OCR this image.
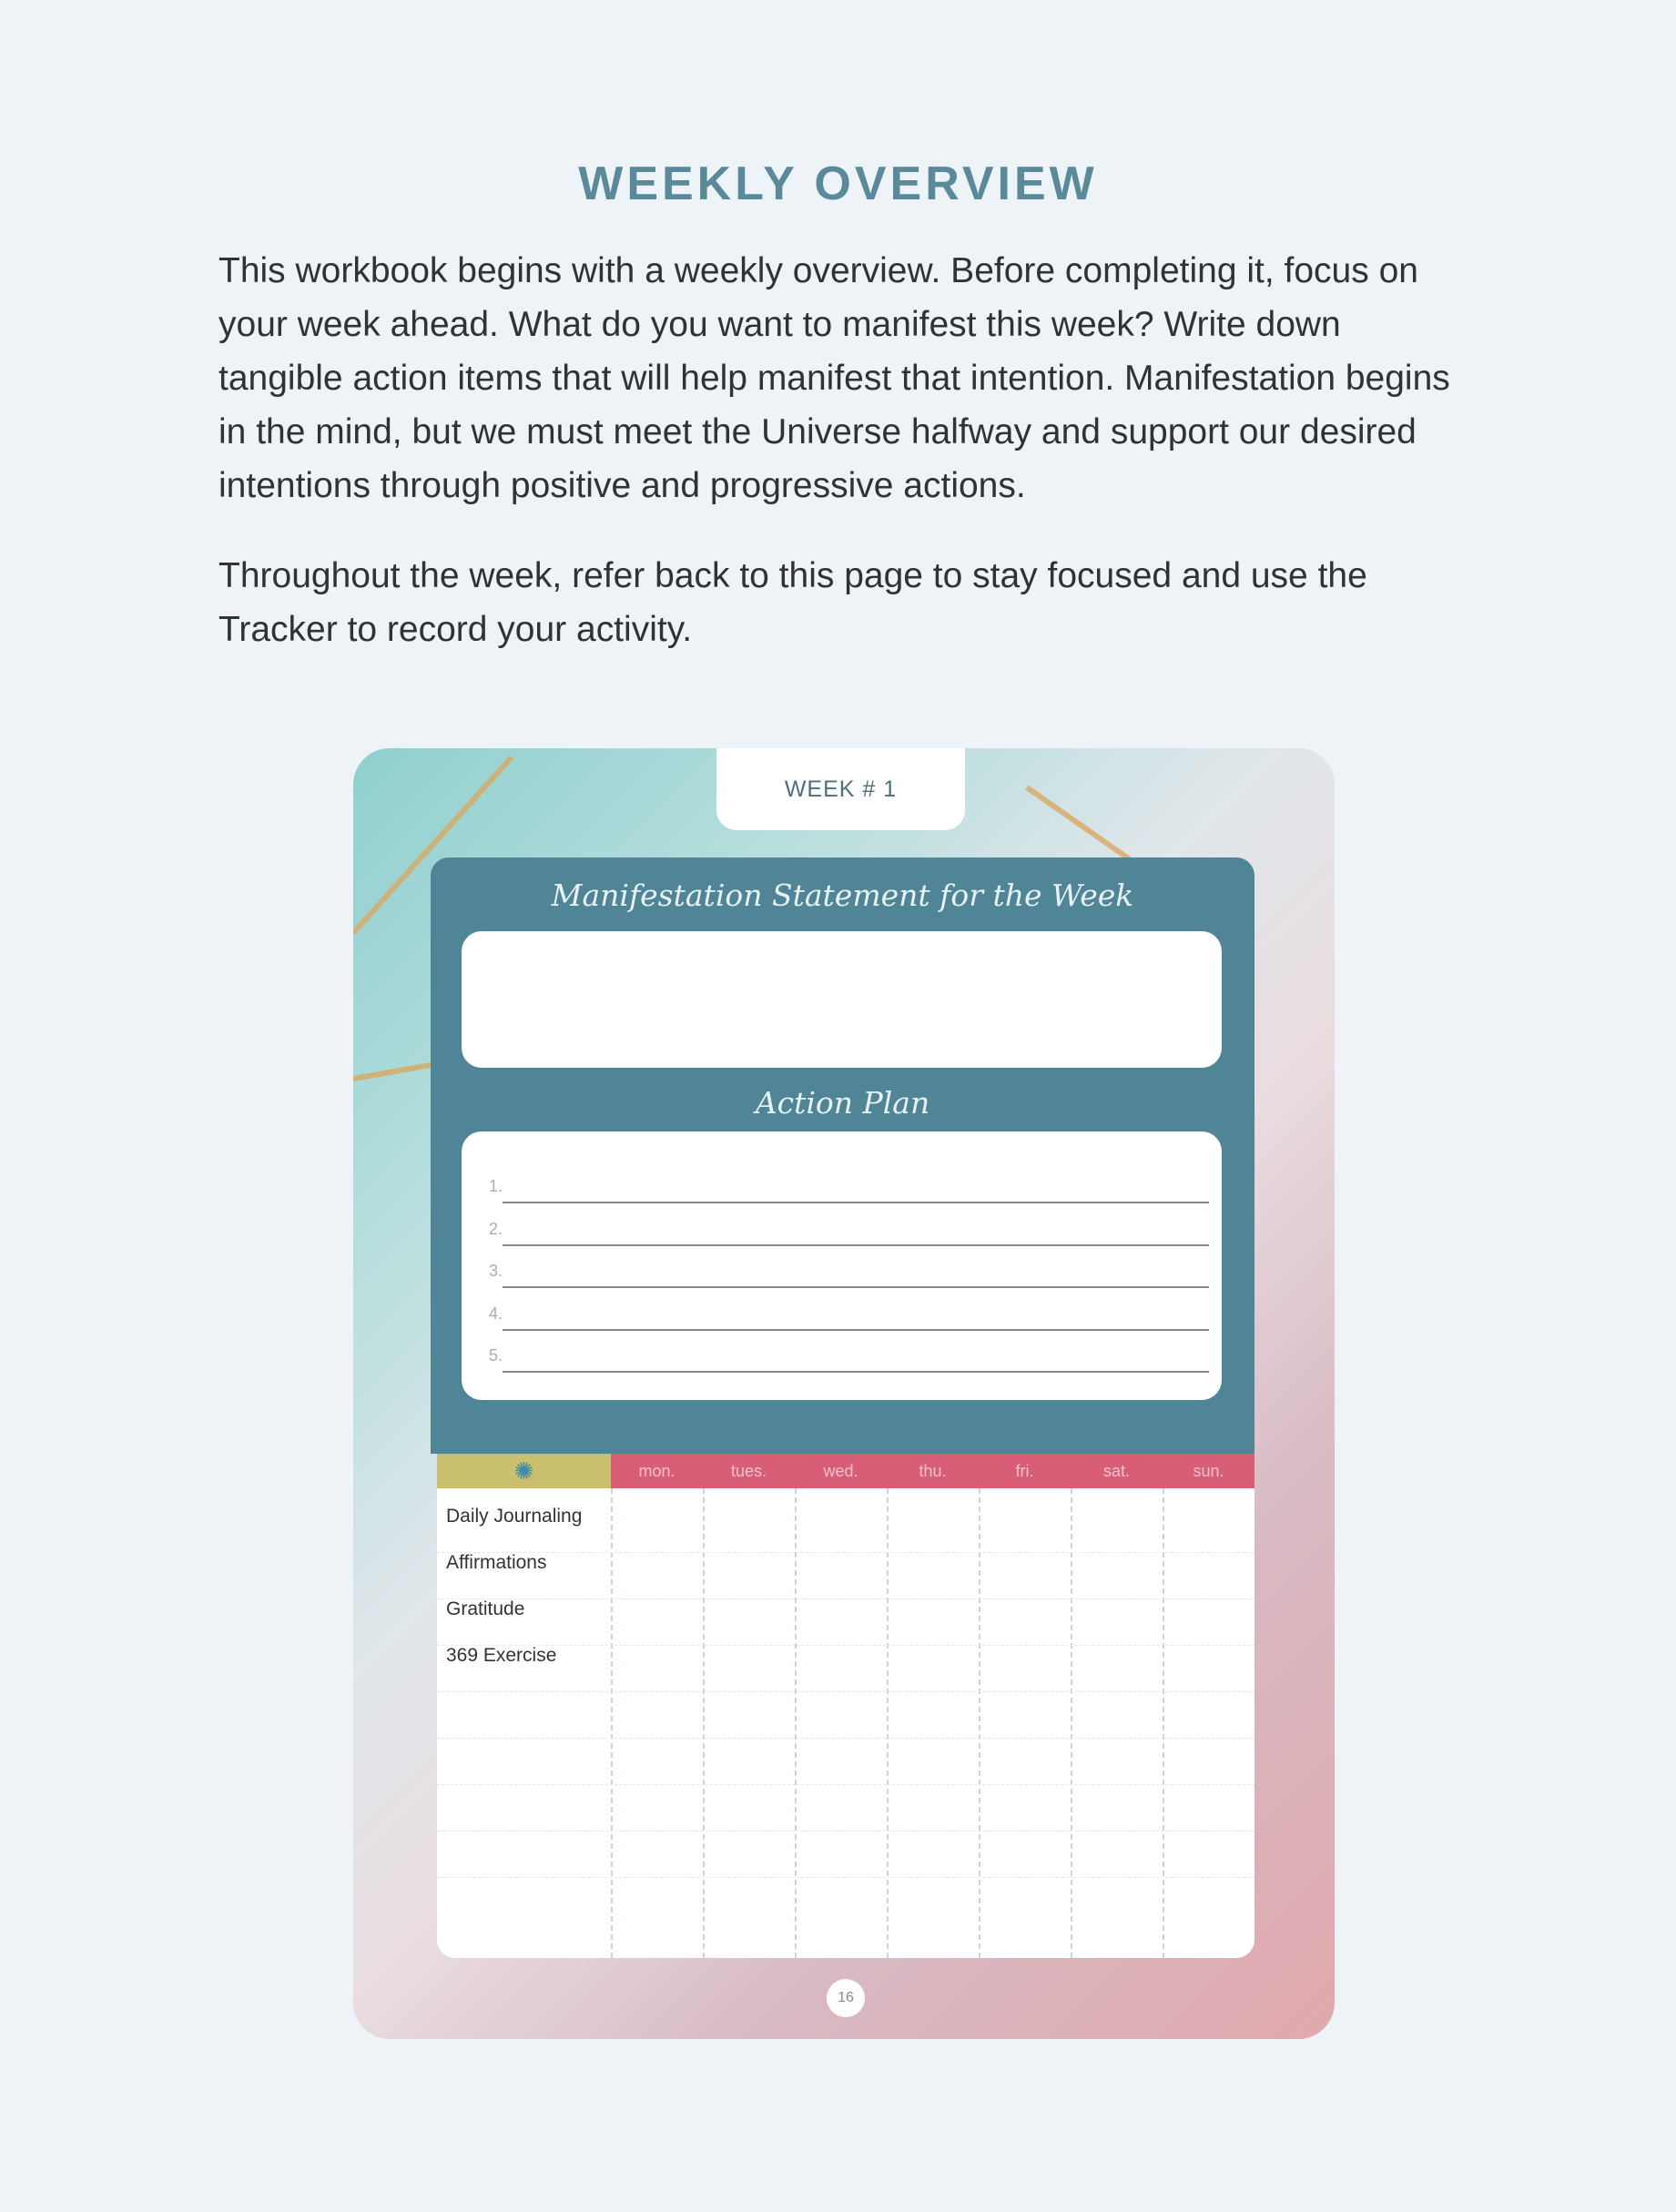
WEEKLY OVERVIEW

This workbook begins with a weekly overview. Before completing it, focus on your week ahead. What do you want to manifest this week? Write down tangible action items that will help manifest that intention. Manifestation begins in the mind, but we must meet the Universe halfway and support our desired intentions through positive and progressive actions.

Throughout the week, refer back to this page to stay focused and use the Tracker to record your activity.

WEEK # 1
Manifestation Statement for the Week
Action Plan
1.
2.
3.
4.
5.
✺	mon.	tues.	wed.	thu.	fri.	sat.	sun.
Daily Journaling
Affirmations
Gratitude
369 Exercise
16
